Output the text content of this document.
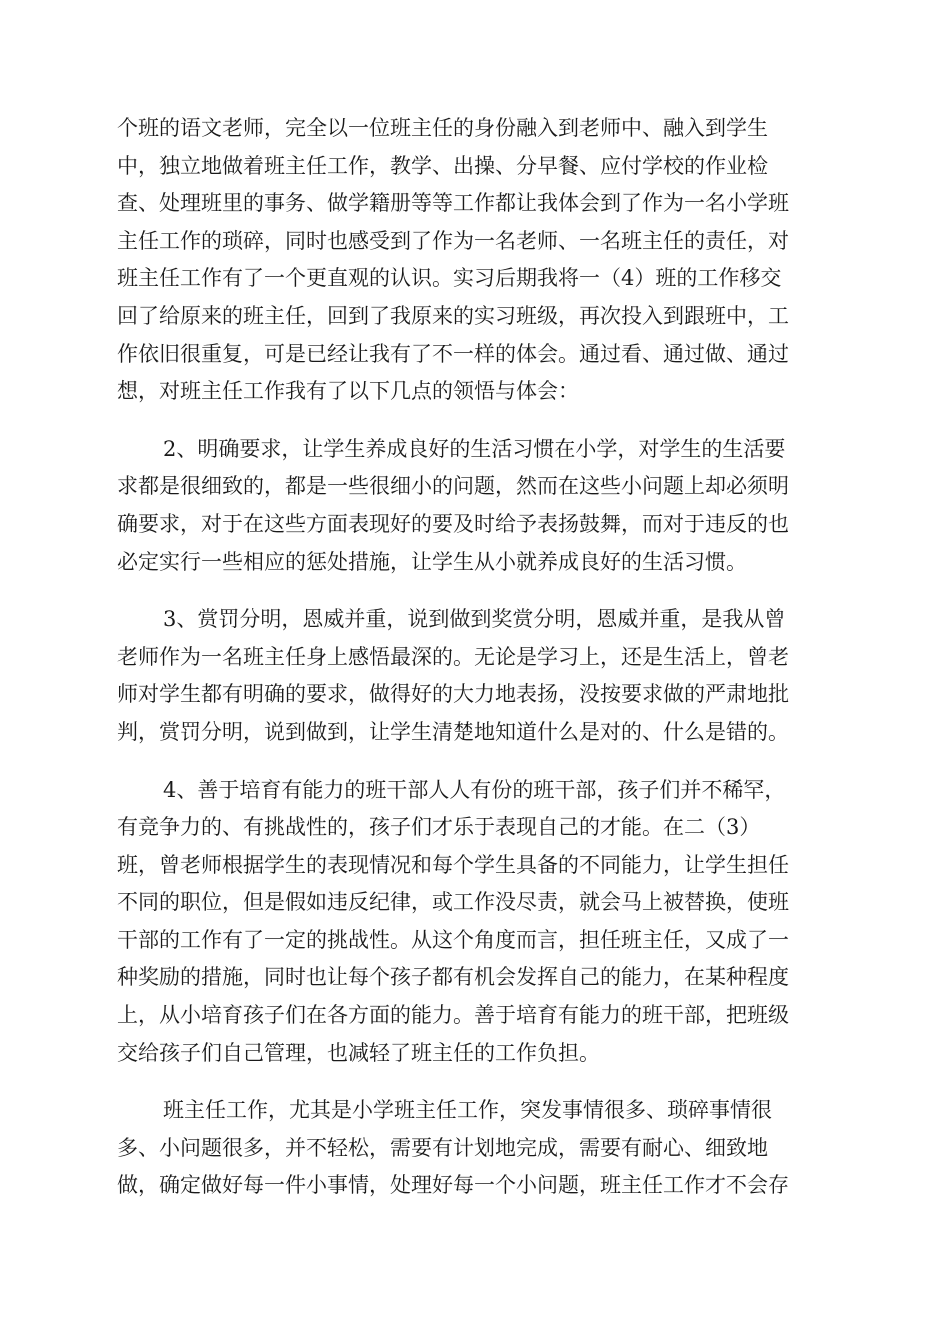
个班的语文老师，完全以一位班主任的身份融入到老师中、融入到学生
中，独立地做着班主任工作，教学、出操、分早餐、应付学校的作业检
查、处理班里的事务、做学籍册等等工作都让我体会到了作为一名小学班
主任工作的琐碎，同时也感受到了作为一名老师、一名班主任的责任，对
班主任工作有了一个更直观的认识。实习后期我将一（4）班的工作移交
回了给原来的班主任，回到了我原来的实习班级，再次投入到跟班中，工
作依旧很重复，可是已经让我有了不一样的体会。通过看、通过做、通过
想，对班主任工作我有了以下几点的领悟与体会：
2、明确要求，让学生养成良好的生活习惯在小学，对学生的生活要
求都是很细致的，都是一些很细小的问题，然而在这些小问题上却必须明
确要求，对于在这些方面表现好的要及时给予表扬鼓舞，而对于违反的也
必定实行一些相应的惩处措施，让学生从小就养成良好的生活习惯。
3、赏罚分明，恩威并重，说到做到奖赏分明，恩威并重，是我从曾
老师作为一名班主任身上感悟最深的。无论是学习上，还是生活上，曾老
师对学生都有明确的要求，做得好的大力地表扬，没按要求做的严肃地批
判，赏罚分明，说到做到，让学生清楚地知道什么是对的、什么是错的。
4、善于培育有能力的班干部人人有份的班干部，孩子们并不稀罕，
有竞争力的、有挑战性的，孩子们才乐于表现自己的才能。在二（3）
班，曾老师根据学生的表现情况和每个学生具备的不同能力，让学生担任
不同的职位，但是假如违反纪律，或工作没尽责，就会马上被替换，使班
干部的工作有了一定的挑战性。从这个角度而言，担任班主任，又成了一
种奖励的措施，同时也让每个孩子都有机会发挥自己的能力，在某种程度
上，从小培育孩子们在各方面的能力。善于培育有能力的班干部，把班级
交给孩子们自己管理，也减轻了班主任的工作负担。
班主任工作，尤其是小学班主任工作，突发事情很多、琐碎事情很
多、小问题很多，并不轻松，需要有计划地完成，需要有耐心、细致地
做，确定做好每一件小事情，处理好每一个小问题，班主任工作才不会存
